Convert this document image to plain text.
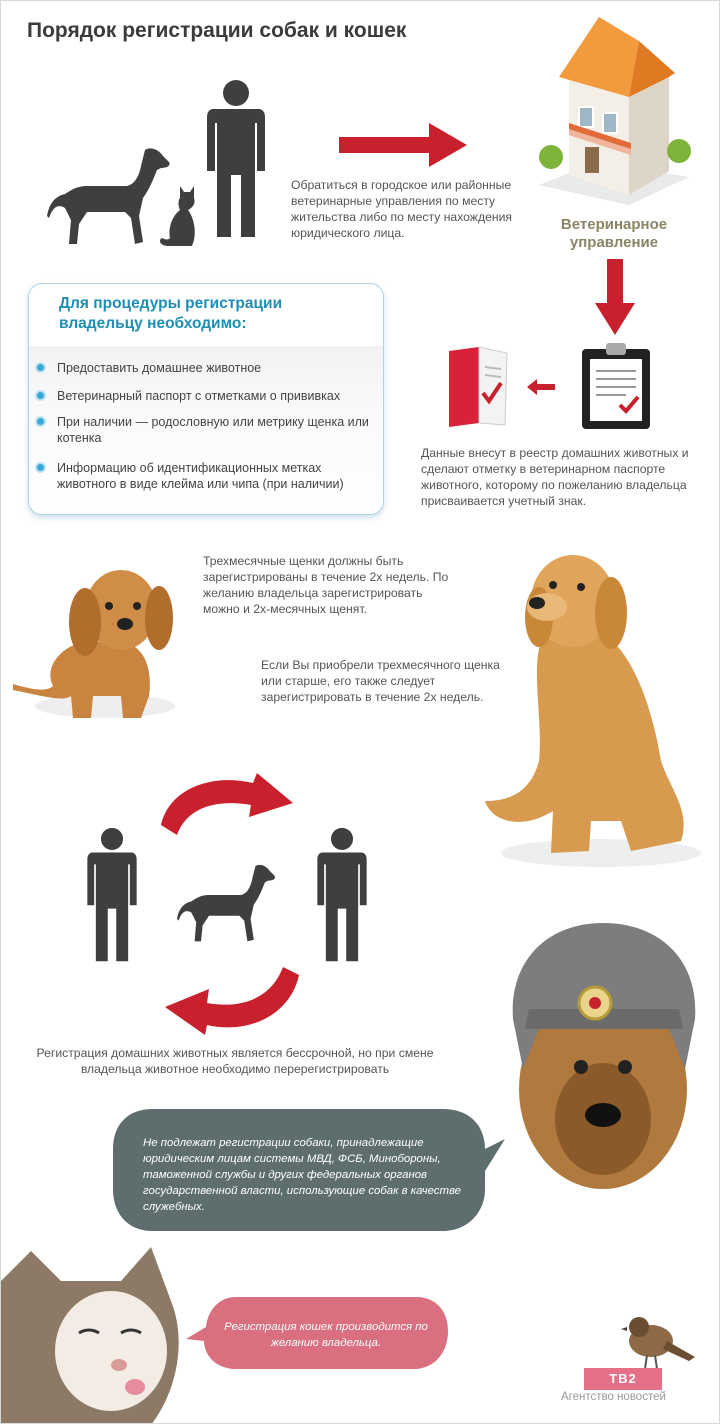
Порядок регистрации собак и кошек
Обратиться в городское или районные ветеринарные управления по месту жительства либо по месту нахождения юридического лица.	Ветеринарное управление
Данные внесут в реестр домашних животных и сделают отметку в ветеринарном паспорте животного, которому по пожеланию владельца присваивается учетный знак.
Для процедуры регистрации владельцу необходимо:
Предоставить домашнее животное
Ветеринарный паспорт с отметками о прививках
При наличии — родословную или метрику щенка или котенка
Информацию об идентификационных метках животного в виде клейма или чипа (при наличии)
Трехмесячные щенки должны быть зарегистрированы в течение 2х недель. По желанию владельца зарегистрировать можно и 2х-месячных щенят.
Если Вы приобрели трехмесячного щенка или старше, его также следует зарегистрировать в течение 2х недель.
Регистрация домашних животных является бессрочной, но при смене владельца животное необходимо перерегистрировать
Не подлежат регистрации собаки, принадлежащие юридическим лицам системы МВД, ФСБ, Минобороны, таможенной службы и других федеральных органов государственной власти, использующие собак в качестве служебных.
Регистрация кошек производится по желанию владельца.
ТВ2
Агентство новостей
